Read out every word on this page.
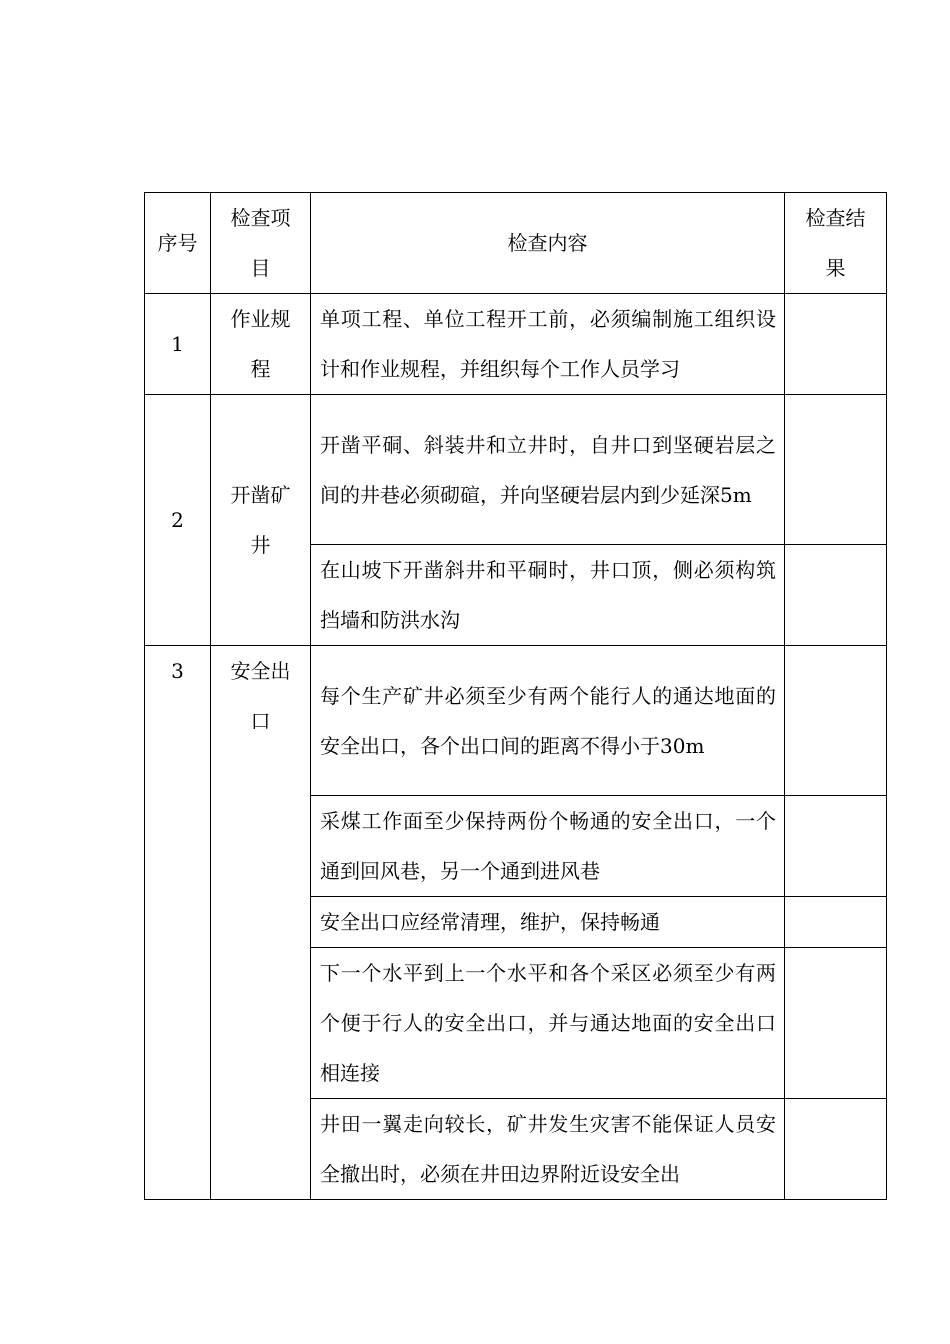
序号	检查项目	检查内容	检查结果
1	作业规程	单项工程、单位工程开工前，必须编制施工组织设计和作业规程，并组织每个工作人员学习	
2	开凿矿井	开凿平硐、斜装井和立井时，自井口到坚硬岩层之间的井巷必须砌碹，并向坚硬岩层内到少延深5m	
		在山坡下开凿斜井和平硐时，井口顶，侧必须构筑挡墙和防洪水沟	
3	安全出口	每个生产矿井必须至少有两个能行人的通达地面的安全出口，各个出口间的距离不得小于30m	
		采煤工作面至少保持两份个畅通的安全出口，一个通到回风巷，另一个通到进风巷	
		安全出口应经常清理，维护，保持畅通	
		下一个水平到上一个水平和各个采区必须至少有两个便于行人的安全出口，并与通达地面的安全出口相连接	
		井田一翼走向较长，矿井发生灾害不能保证人员安全撤出时，必须在井田边界附近设安全出	
